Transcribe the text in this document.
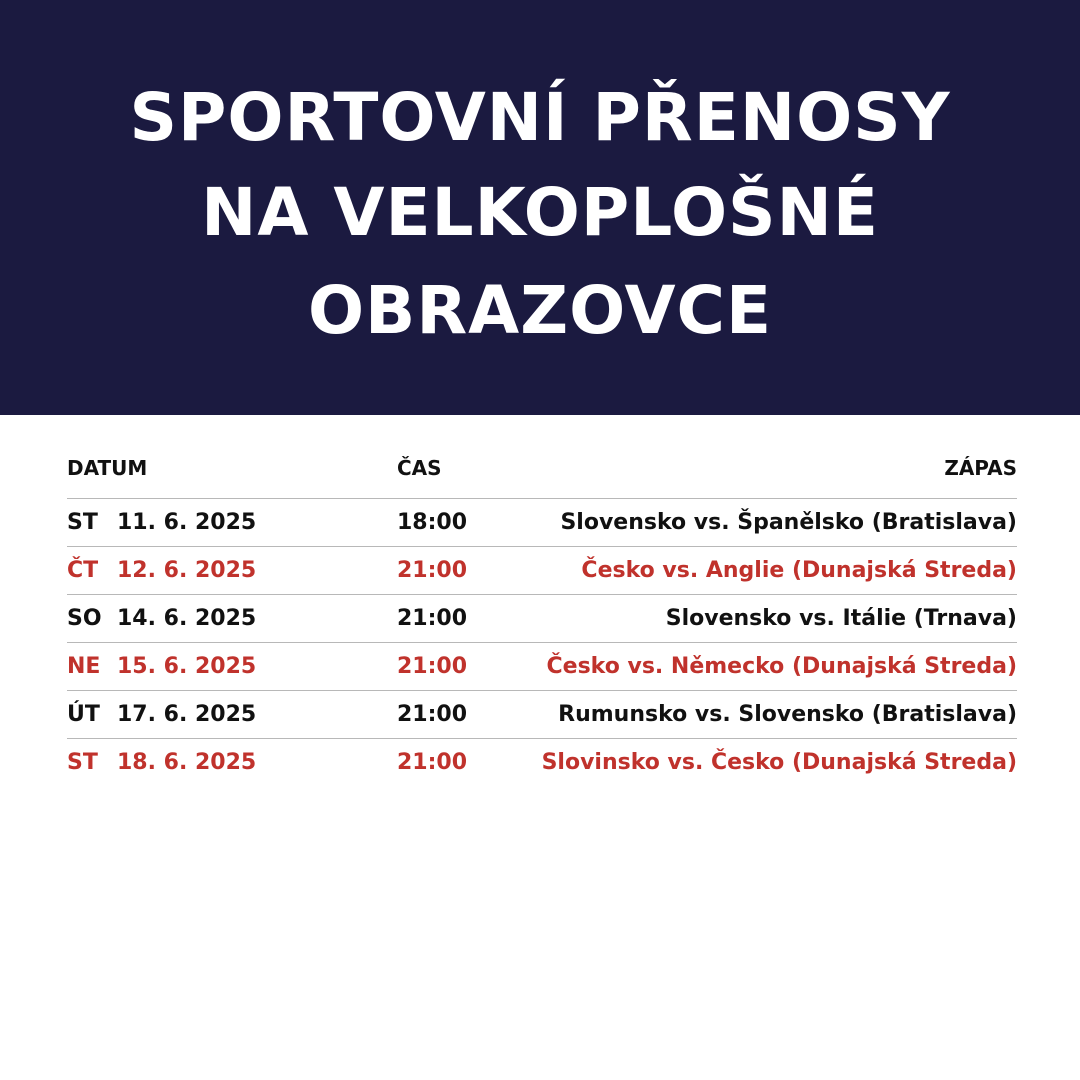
SPORTOVNÍ PŘENOSY
NA VELKOPLOŠNÉ
OBRAZOVCE
DATUM	ČAS	ZÁPAS
ST 11. 6. 2025	18:00	Slovensko vs. Španělsko (Bratislava)
ČT 12. 6. 2025	21:00	Česko vs. Anglie (Dunajská Streda)
SO 14. 6. 2025	21:00	Slovensko vs. Itálie (Trnava)
NE 15. 6. 2025	21:00	Česko vs. Německo (Dunajská Streda)
ÚT 17. 6. 2025	21:00	Rumunsko vs. Slovensko (Bratislava)
ST 18. 6. 2025	21:00	Slovinsko vs. Česko (Dunajská Streda)
